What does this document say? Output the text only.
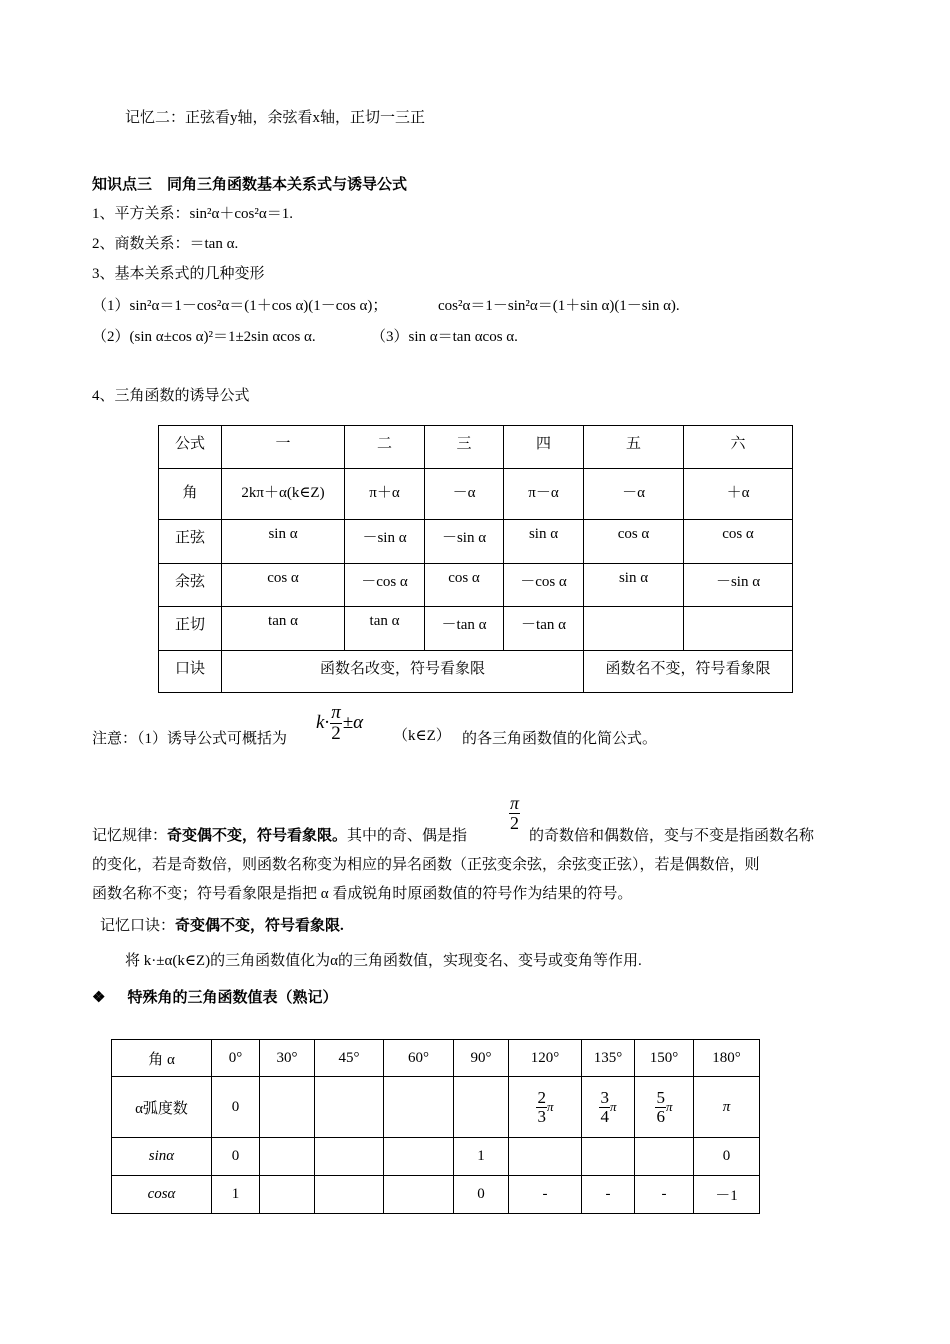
记忆二：正弦看y轴，余弦看x轴，正切一三正
知识点三　同角三角函数基本关系式与诱导公式
1、平方关系：sin²α＋cos²α＝1.
2、商数关系：＝tan α.
3、基本关系式的几种变形
（1）sin²α＝1－cos²α＝(1＋cos α)(1－cos α)；	cos²α＝1－sin²α＝(1＋sin α)(1－sin α).
（2）(sin α±cos α)²＝1±2sin αcos α.	（3）sin α＝tan αcos α.
4、三角函数的诱导公式
公式	一	二	三	四	五	六
角	2kπ＋α(k∈Z)	π＋α	－α	π－α	－α	＋α
正弦	sin α	－sin α	－sin α	sin α	cos α	cos α
余弦	cos α	－cos α	cos α	－cos α	sin α	－sin α
正切	tan α	tan α	－tan α	－tan α		
口诀	函数名改变，符号看象限				函数名不变，符号看象限	
注意：（1）诱导公式可概括为
$k\cdot \frac{\pi}{2} \pm\alpha$
（k∈Z） 的各三角函数值的化简公式。
记忆规律：奇变偶不变，符号看象限。其中的奇、偶是指
$\frac{\pi}{2}$
的奇数倍和偶数倍，变与不变是指函数名称
的变化，若是奇数倍，则函数名称变为相应的异名函数（正弦变余弦，余弦变正弦），若是偶数倍，则
函数名称不变；符号看象限是指把 α 看成锐角时原函数值的符号作为结果的符号。
记忆口诀：奇变偶不变，符号看象限.
将 k·±α(k∈Z)的三角函数值化为α的三角函数值，实现变名、变号或变角等作用.
❖ 特殊角的三角函数值表（熟记）
角 α	0°	30°	45°	60°	90°	120°	135°	150°	180°
α弧度数	0					$\frac{2}{3}$ π	$\frac{3}{4}$ π	$\frac{5}{6}$ π	π
sinα	0				1				0
cosα	1				0	-	-	-	－1
